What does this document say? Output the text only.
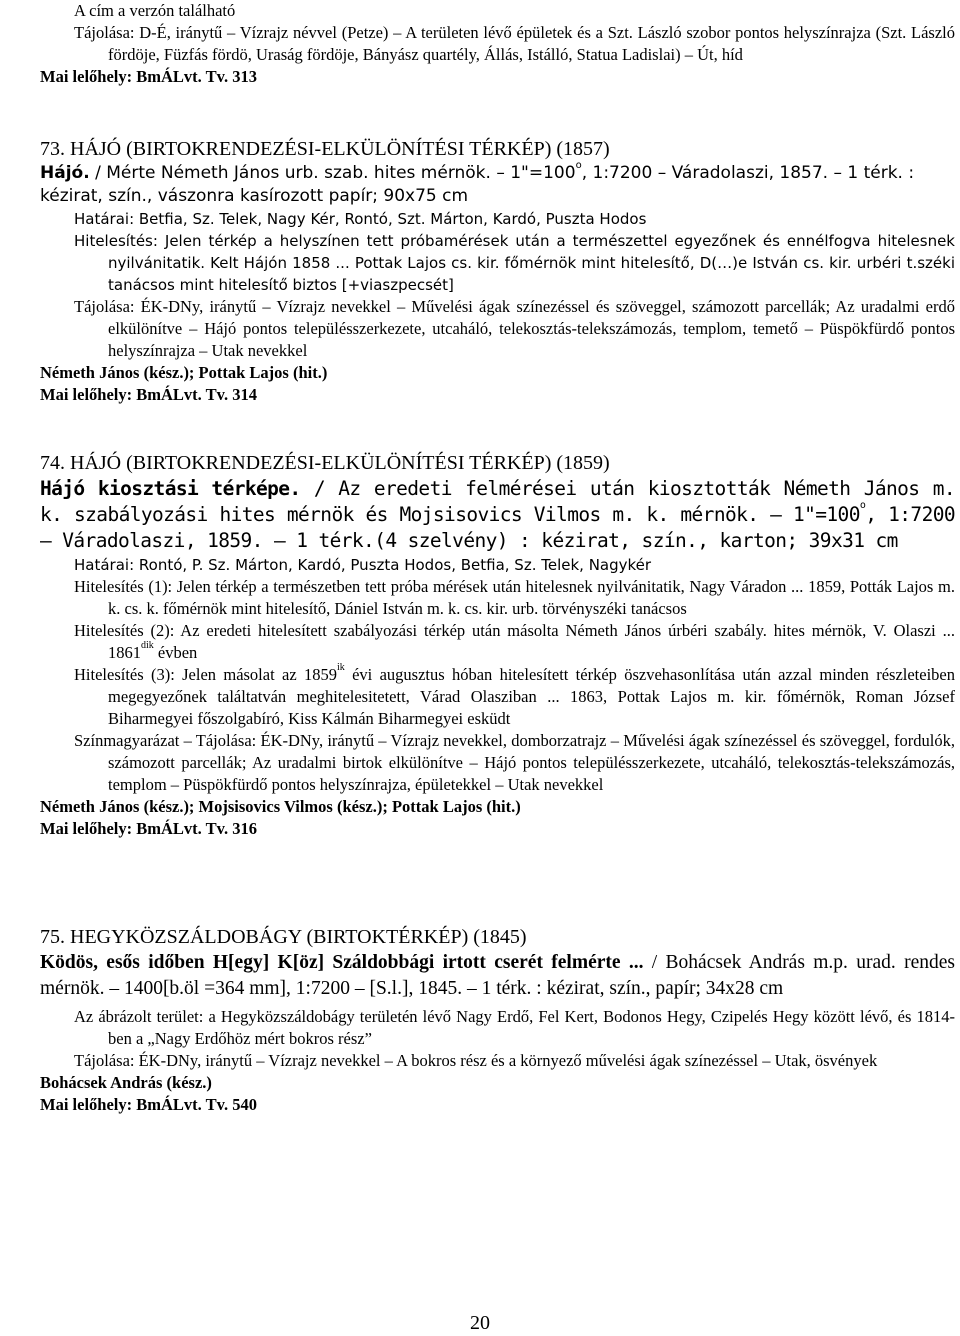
A cím a verzón található
Tájolása: D-É, iránytű – Vízrajz névvel (Petze) – A területen lévő épületek és a Szt. László szobor pontos helyszínrajza (Szt. László fördöje, Füzfás fördö, Uraság fördöje, Bányász quartély, Állás, Istálló, Statua Ladislai) – Út, híd
Mai lelőhely: BmÁLvt. Tv. 313
73. HÁJÓ (BIRTOKRENDEZÉSI-ELKÜLÖNÍTÉSI TÉRKÉP) (1857)
Hájó. / Mérte Németh János urb. szab. hites mérnök. – $1"=100^o$, 1:7200 – Váradolaszi, 1857. – 1 térk. : kézirat, szín., vászonra kasírozott papír; 90x75 cm
Határai: Betfia, Sz. Telek, Nagy Kér, Rontó, Szt. Márton, Kardó, Puszta Hodos
Hitelesítés: Jelen térkép a helyszínen tett próbamérések után a természettel egyezőnek és ennélfogva hitelesnek nyilvánitatik. Kelt Hájón 1858 ... Pottak Lajos cs. kir. főmérnök mint hitelesítő, D(…)e István cs. kir. urbéri t.széki tanácsos mint hitelesítő biztos [+viaszpecsét]
Tájolása: ÉK-DNy, iránytű – Vízrajz nevekkel – Művelési ágak színezéssel és szöveggel, számozott parcellák; Az uradalmi erdő elkülönítve – Hájó pontos településszerkezete, utcaháló, telekosztás-telekszámozás, templom, temető – Püspökfürdő pontos helyszínrajza – Utak nevekkel
Németh János (kész.); Pottak Lajos (hit.)
Mai lelőhely: BmÁLvt. Tv. 314
74. HÁJÓ (BIRTOKRENDEZÉSI-ELKÜLÖNÍTÉSI TÉRKÉP) (1859)
Hájó kiosztási térképe. / Az eredeti felmérései után kiosztották Németh János m. k. szabályozási hites mérnök és Mojsisovics Vilmos m. k. mérnök. – $1"=100^o$, 1:7200 – Váradolaszi, 1859. – 1 térk.(4 szelvény) : kézirat, szín., karton; 39x31 cm
Határai: Rontó, P. Sz. Márton, Kardó, Puszta Hodos, Betfia, Sz. Telek, Nagykér
Hitelesítés (1): Jelen térkép a természetben tett próba mérések után hitelesnek nyilvánitatik, Nagy Váradon ... 1859, Pották Lajos m. k. cs. k. főmérnök mint hitelesítő, Dániel István m. k. cs. kir. urb. törvényszéki tanácsos
Hitelesítés (2): Az eredeti hitelesített szabályozási térkép után másolta Németh János úrbéri szabály. hites mérnök, V. Olaszi ... $1861^{dik}$ évben
Hitelesítés (3): Jelen másolat az $1859^{ik}$ évi augusztus hóban hitelesített térkép öszvehasonlítása után azzal minden részleteiben megegyezőnek találtatván meghitelesitetett, Várad Olasziban ... 1863, Pottak Lajos m. kir. főmérnök, Roman József Biharmegyei főszolgabíró, Kiss Kálmán Biharmegyei esküdt
Színmagyarázat – Tájolása: ÉK-DNy, iránytű – Vízrajz nevekkel, domborzatrajz – Művelési ágak színezéssel és szöveggel, fordulók, számozott parcellák; Az uradalmi birtok elkülönítve – Hájó pontos településszerkezete, utcaháló, telekosztás-telekszámozás, templom – Püspökfürdő pontos helyszínrajza, épületekkel – Utak nevekkel
Németh János (kész.); Mojsisovics Vilmos (kész.); Pottak Lajos (hit.)
Mai lelőhely: BmÁLvt. Tv. 316
75. HEGYKÖZSZÁLDOBÁGY (BIRTOKTÉRKÉP) (1845)
Ködös, esős időben H[egy] K[öz] Száldobbági irtott cserét felmérte ... / Bohácsek András m.p. urad. rendes mérnök. – 1400[b.öl =364 mm], 1:7200 – [S.l.], 1845. – 1 térk. : kézirat, szín., papír; 34x28 cm
Az ábrázolt terület: a Hegyközszáldobágy területén lévő Nagy Erdő, Fel Kert, Bodonos Hegy, Czipelés Hegy között lévő, és 1814-ben a „Nagy Erdőhöz mért bokros rész”
Tájolása: ÉK-DNy, iránytű – Vízrajz nevekkel – A bokros rész és a környező művelési ágak színezéssel – Utak, ösvények
Bohácsek András (kész.)
Mai lelőhely: BmÁLvt. Tv. 540
20
